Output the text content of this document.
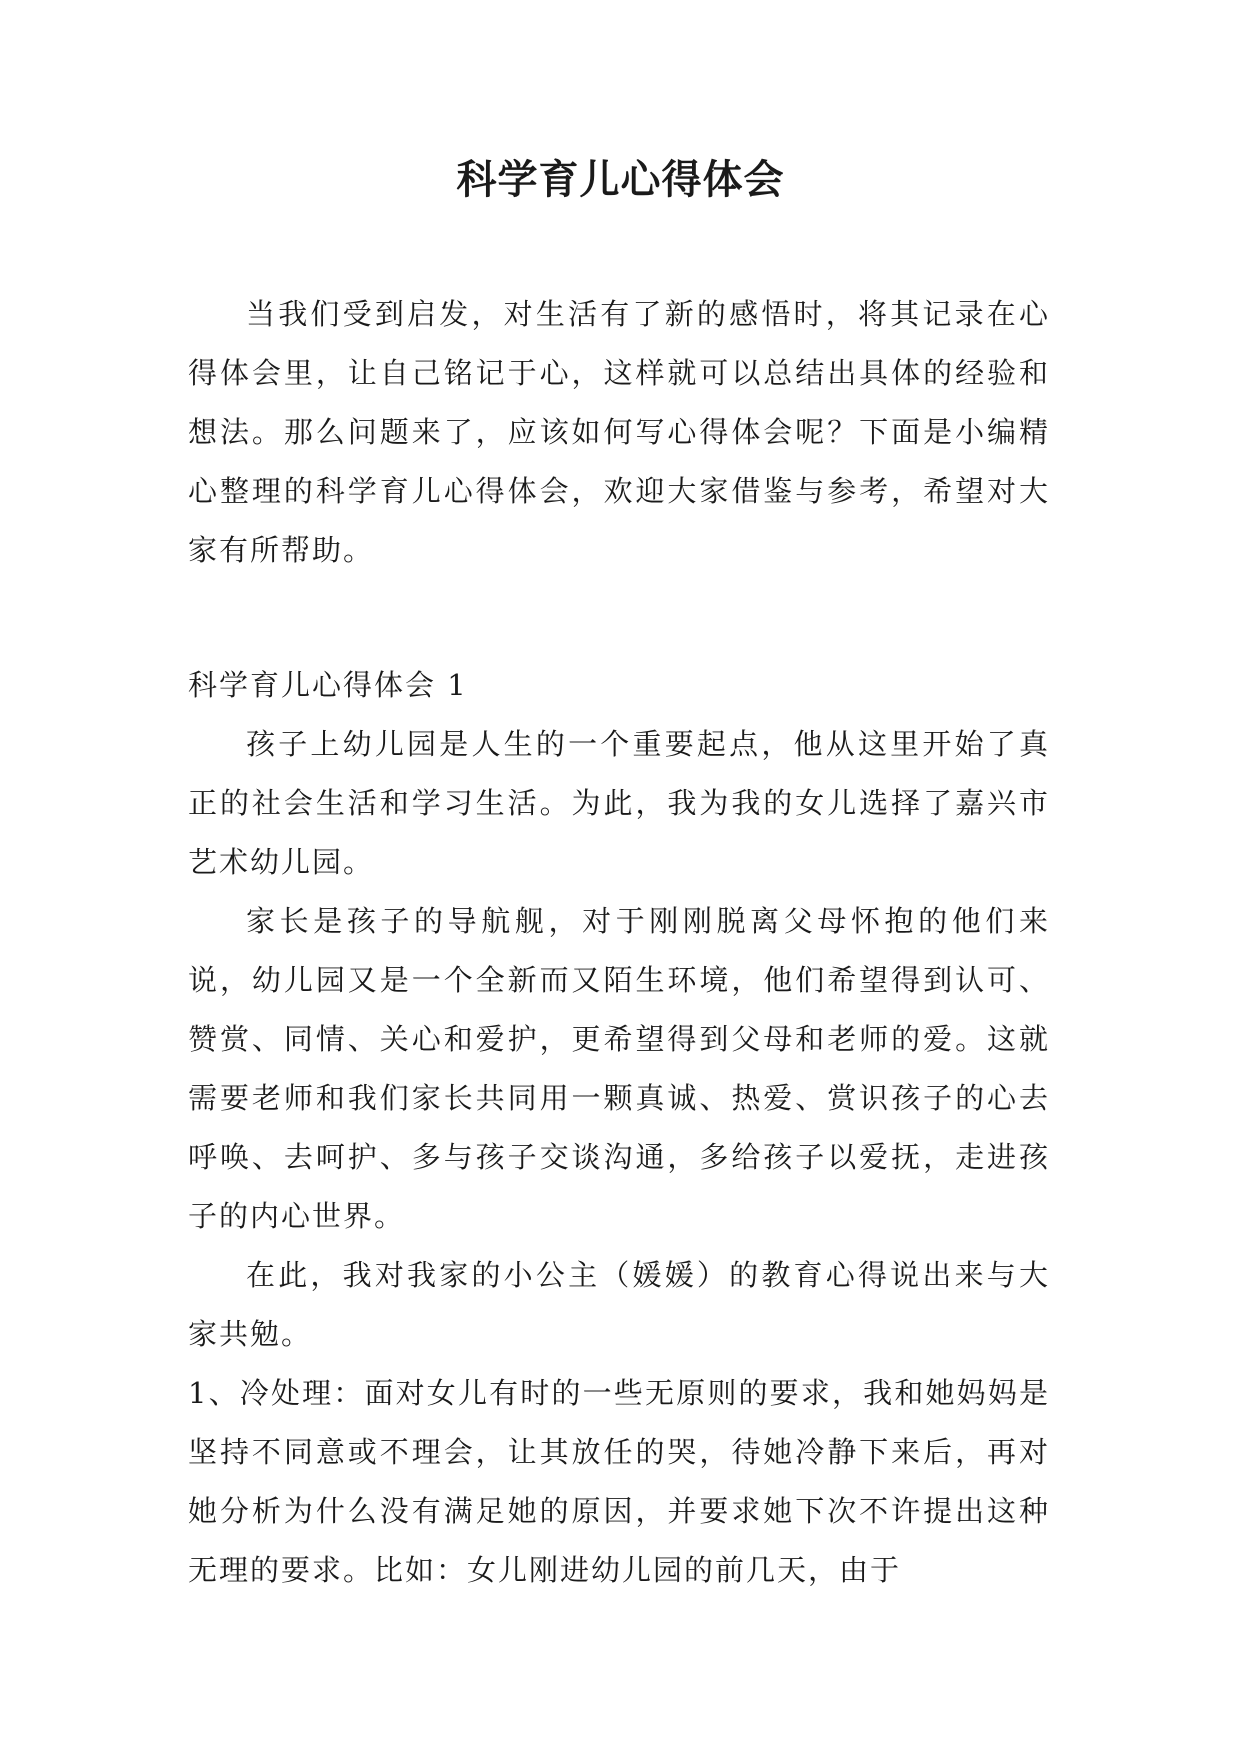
科学育儿心得体会

当我们受到启发，对生活有了新的感悟时，将其记录在心得体会里，让自己铭记于心，这样就可以总结出具体的经验和想法。那么问题来了，应该如何写心得体会呢？下面是小编精心整理的科学育儿心得体会，欢迎大家借鉴与参考，希望对大家有所帮助。

科学育儿心得体会 1

孩子上幼儿园是人生的一个重要起点，他从这里开始了真正的社会生活和学习生活。为此，我为我的女儿选择了嘉兴市艺术幼儿园。

家长是孩子的导航舰，对于刚刚脱离父母怀抱的他们来说，幼儿园又是一个全新而又陌生环境，他们希望得到认可、赞赏、同情、关心和爱护，更希望得到父母和老师的爱。这就需要老师和我们家长共同用一颗真诚、热爱、赏识孩子的心去呼唤、去呵护、多与孩子交谈沟通，多给孩子以爱抚，走进孩子的内心世界。

在此，我对我家的小公主（媛媛）的教育心得说出来与大家共勉。

1、冷处理：面对女儿有时的一些无原则的要求，我和她妈妈是坚持不同意或不理会，让其放任的哭，待她冷静下来后，再对她分析为什么没有满足她的原因，并要求她下次不许提出这种无理的要求。比如：女儿刚进幼儿园的前几天，由于
